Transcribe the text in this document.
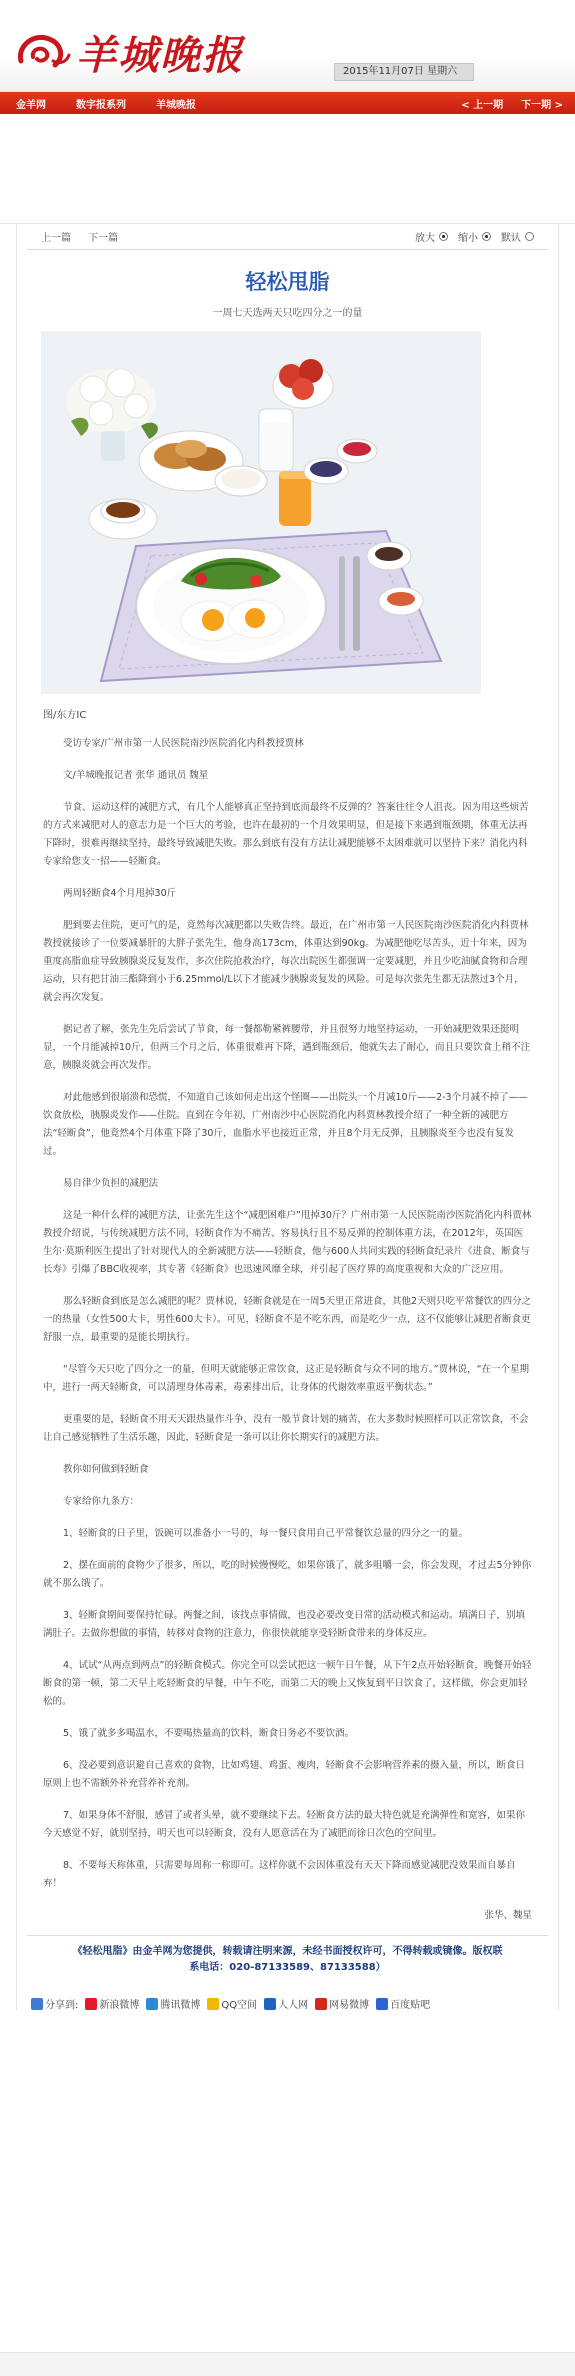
羊城晚报	2015年11月07日 星期六
金羊网	数字报系列	羊城晚报	< 上一期 下一期 >
上一篇 下一篇	放大 缩小 默认
轻松甩脂
一周七天选两天只吃四分之一的量
图/东方IC

受访专家/广州市第一人民医院南沙医院消化内科教授贾林

文/羊城晚报记者 张华 通讯员 魏星

节食、运动这样的减肥方式，有几个人能够真正坚持到底而最终不反弹的？答案往往令人沮丧。因为用这些烦苦的方式来减肥对人的意志力是一个巨大的考验，也许在最初的一个月效果明显，但是接下来遇到瓶颈期，体重无法再下降时，很难再继续坚持，最终导致减肥失败。那么到底有没有方法让减肥能够不太困难就可以坚持下来？消化内科专家给您支一招——轻断食。

两周轻断食4个月甩掉30斤

肥到要去住院，更可气的是，竟然每次减肥都以失败告终。最近，在广州市第一人民医院南沙医院消化内科贾林教授就接诊了一位要减暴肝的大胖子张先生，他身高173cm，体重达到90kg。为减肥他吃尽苦头，近十年来，因为重度高脂血症导致胰腺炎反复发作，多次住院抢救治疗，每次出院医生都强调一定要减肥，并且少吃油腻食物和合理运动，只有把甘油三酯降到小于6.25mmol/L以下才能减少胰腺炎复发的风险。可是每次张先生都无法熬过3个月，就会再次发复。

据记者了解，张先生先后尝试了节食，每一餐都勒紧裤腰带，并且很努力地坚持运动，一开始减肥效果还挺明显，一个月能减掉10斤，但两三个月之后，体重很难再下降，遇到瓶颈后，他就失去了耐心，而且只要饮食上稍不注意，胰腺炎就会再次发作。

对此他感到很崩溃和恐慌，不知道自己该如何走出这个怪圈——出院头一个月减10斤——2-3个月减不掉了——饮食放松，胰腺炎发作——住院。直到在今年初，广州南沙中心医院消化内科贾林教授介绍了一种全新的减肥方法“轻断食”，他竟然4个月体重下降了30斤，血脂水平也接近正常，并且8个月无反弹，且胰腺炎至今也没有复发过。

易自律少负担的减肥法

这是一种什么样的减肥方法，让张先生这个“减肥困难户”甩掉30斤？广州市第一人民医院南沙医院消化内科贾林教授介绍说，与传统减肥方法不同，轻断食作为不痛苦、容易执行且不易反弹的控制体重方法，在2012年，英国医生尔·莫斯利医生提出了针对现代人的全新减肥方法——轻断食，他与600人共同实践的轻断食纪录片《进食、断食与长寿》引爆了BBC收视率，其专著《轻断食》也迅速风靡全球，并引起了医疗界的高度重视和大众的广泛应用。

那么轻断食到底是怎么减肥的呢？贾林说，轻断食就是在一周5天里正常进食，其他2天则只吃平常餐饮的四分之一的热量（女性500大卡，男性600大卡）。可见，轻断食不是不吃东西，而是吃少一点，这不仅能够让减肥者断食更舒服一点，最重要的是能长期执行。

“尽管今天只吃了四分之一的量，但明天就能够正常饮食，这正是轻断食与众不同的地方。”贾林说，“在一个星期中，进行一两天轻断食，可以清理身体毒素，毒素排出后，让身体的代谢效率重返平衡状态。”

更重要的是，轻断食不用天天跟热量作斗争，没有一般节食计划的痛苦，在大多数时候照样可以正常饮食，不会让自己感觉牺牲了生活乐趣，因此，轻断食是一条可以让你长期实行的减肥方法。

教你如何做到轻断食

专家给你九条方：

1、轻断食的日子里，饭碗可以准备小一号的，每一餐只食用自己平常餐饮总量的四分之一的量。

2、摆在面前的食物少了很多，所以，吃的时候慢慢吃，如果你饿了，就多咀嚼一会，你会发现，才过去5分钟你就不那么饿了。

3、轻断食期间要保持忙碌。两餐之间，该找点事情做，也没必要改变日常的活动模式和运动。填满日子，别填满肚子。去做你想做的事情，转移对食物的注意力，你很快就能享受轻断食带来的身体反应。

4、试试“从两点到两点”的轻断食模式。你完全可以尝试把这一顿午日午餐，从下午2点开始轻断食，晚餐开始轻断食的第一顿，第二天早上吃轻断食的早餐，中午不吃，而第二天的晚上又恢复到平日饮食了，这样做，你会更加轻松的。

5、饿了就多多喝温水，不要喝热量高的饮料，断食日务必不要饮酒。

6、没必要到意识避自己喜欢的食物，比如鸡翅、鸡蛋、瘦肉，轻断食不会影响营养素的摄入量，所以，断食日原则上也不需额外补充营养补充剂。

7、如果身体不舒服，感冒了或者头晕，就不要继续下去。轻断食方法的最大特色就是充满弹性和宽容，如果你今天感觉不好，就别坚持，明天也可以轻断食，没有人愿意活在为了减肥而徐日次色的空间里。

8、不要每天称体重，只需要每周称一称即可。这样你就不会因体重没有天天下降而感觉减肥没效果而自暴自弃！

张华、魏星

《轻松甩脂》由金羊网为您提供，转载请注明来源，未经书面授权许可，不得转载或镜像。版权联
系电话：020-87133589、87133588）
分享到: 新浪微博 腾讯微博 QQ空间 人人网 网易微博 百度贴吧
